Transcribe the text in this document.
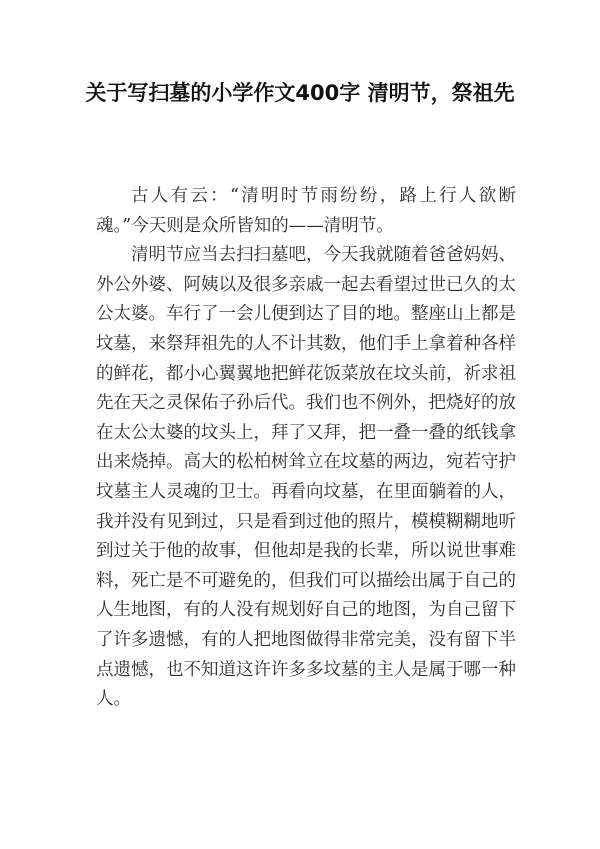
关于写扫墓的小学作文400字 清明节，祭祖先

古人有云：“清明时节雨纷纷，路上行人欲断魂。”今天则是众所皆知的——清明节。

清明节应当去扫扫墓吧，今天我就随着爸爸妈妈、外公外婆、阿姨以及很多亲戚一起去看望过世已久的太公太婆。车行了一会儿便到达了目的地。整座山上都是坟墓，来祭拜祖先的人不计其数，他们手上拿着种各样的鲜花，都小心翼翼地把鲜花饭菜放在坟头前，祈求祖先在天之灵保佑子孙后代。我们也不例外，把烧好的放在太公太婆的坟头上，拜了又拜，把一叠一叠的纸钱拿出来烧掉。高大的松柏树耸立在坟墓的两边，宛若守护坟墓主人灵魂的卫士。再看向坟墓，在里面躺着的人，我并没有见到过，只是看到过他的照片，模模糊糊地听到过关于他的故事，但他却是我的长辈，所以说世事难料，死亡是不可避免的，但我们可以描绘出属于自己的人生地图，有的人没有规划好自己的地图，为自己留下了许多遗憾，有的人把地图做得非常完美，没有留下半点遗憾，也不知道这许许多多坟墓的主人是属于哪一种人。
